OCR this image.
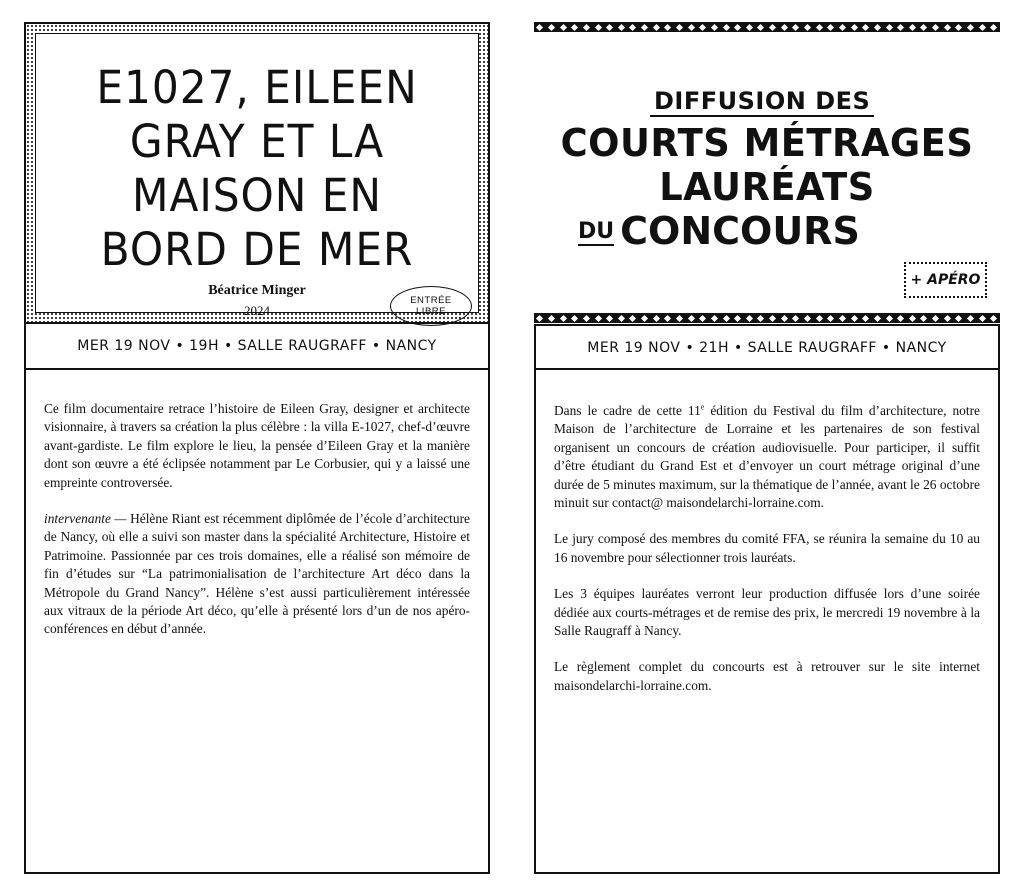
E1027, EILEEN
GRAY ET LA
MAISON EN
BORD DE MER
Béatrice Minger
2024
ENTRÉE
LIBRE
MER 19 NOV • 19H • SALLE RAUGRAFF • NANCY

Ce film documentaire retrace l’histoire de Eileen Gray, designer et architecte visionnaire, à travers sa création la plus célèbre : la villa E-1027, chef-d’œuvre avant-gardiste. Le film explore le lieu, la pensée d’Eileen Gray et la manière dont son œuvre a été éclipsée notamment par Le Corbusier, qui y a laissé une empreinte controversée.

intervenante — Hélène Riant est récemment diplômée de l’école d’architecture de Nancy, où elle a suivi son master dans la spécialité Architecture, Histoire et Patrimoine. Passionnée par ces trois domaines, elle a réalisé son mémoire de fin d’études sur “La patrimonialisation de l’architecture Art déco dans la Métropole du Grand Nancy”. Hélène s’est aussi particulièrement intéressée aux vitraux de la période Art déco, qu’elle à présenté lors d’un de nos apéro-conférences en début d’année.

DIFFUSION DES
COURTS MÉTRAGES
LAURÉATS
DU CONCOURS
+ APÉRO
MER 19 NOV • 21H • SALLE RAUGRAFF • NANCY

Dans le cadre de cette 11e édition du Festival du film d’architecture, notre Maison de l’architecture de Lorraine et les partenaires de son festival organisent un concours de création audiovisuelle. Pour participer, il suffit d’être étudiant du Grand Est et d’envoyer un court métrage original d’une durée de 5 minutes maximum, sur la thématique de l’année, avant le 26 octobre minuit sur contact@ maisondelarchi-lorraine.com.

Le jury composé des membres du comité FFA, se réunira la semaine du 10 au 16 novembre pour sélectionner trois lauréats.

Les 3 équipes lauréates verront leur production diffusée lors d’une soirée dédiée aux courts-métrages et de remise des prix, le mercredi 19 novembre à la Salle Raugraff à Nancy.

Le règlement complet du concourts est à retrouver sur le site internet maisondelarchi-lorraine.com.
